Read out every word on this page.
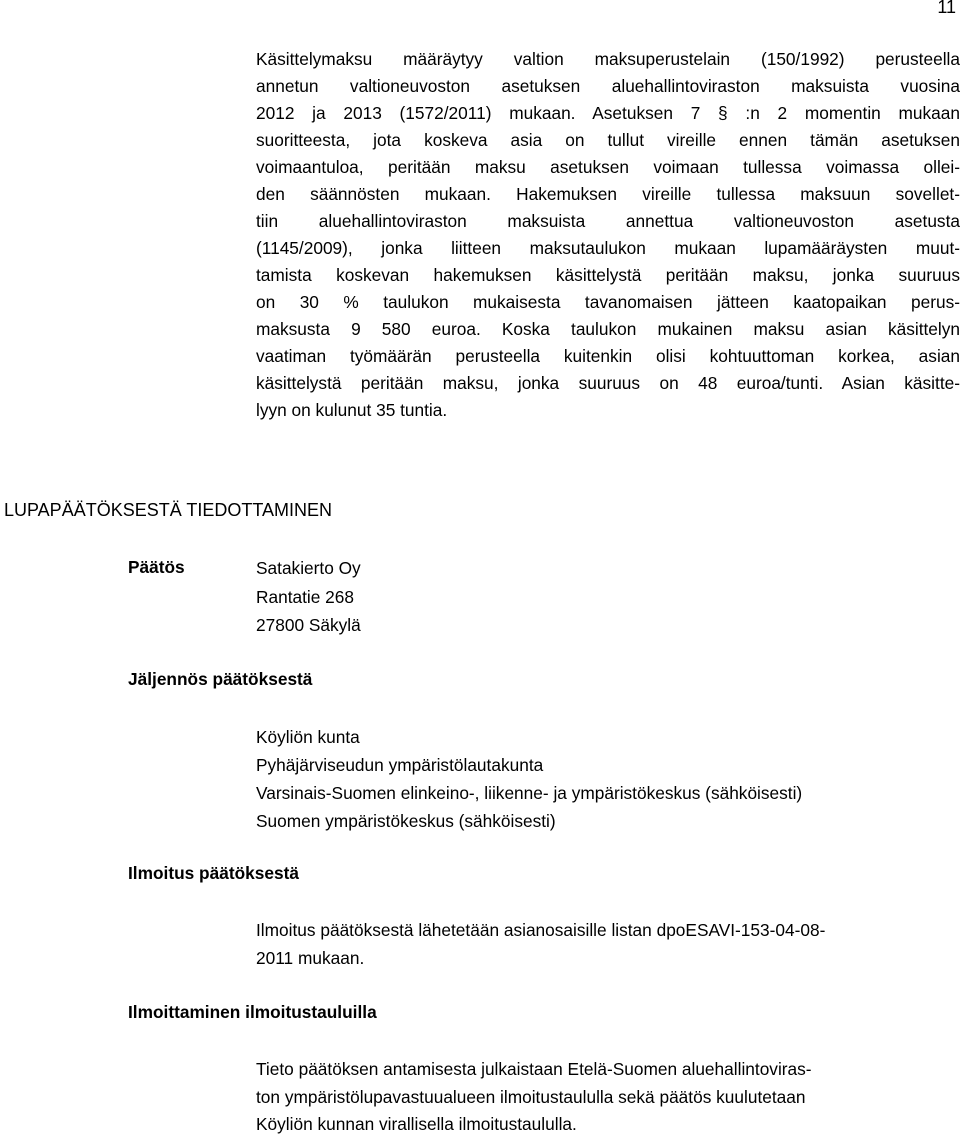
11
Käsittelymaksu määräytyy valtion maksuperustelain (150/1992) perusteella
annetun valtioneuvoston asetuksen aluehallintoviraston maksuista vuosina
2012 ja 2013 (1572/2011) mukaan. Asetuksen 7 § :n 2 momentin mukaan
suoritteesta, jota koskeva asia on tullut vireille ennen tämän asetuksen
voimaantuloa, peritään maksu asetuksen voimaan tullessa voimassa ollei-
den säännösten mukaan. Hakemuksen vireille tullessa maksuun sovellet-
tiin aluehallintoviraston maksuista annettua valtioneuvoston asetusta
(1145/2009), jonka liitteen maksutaulukon mukaan lupamääräysten muut-
tamista koskevan hakemuksen käsittelystä peritään maksu, jonka suuruus
on 30 % taulukon mukaisesta tavanomaisen jätteen kaatopaikan perus-
maksusta 9 580 euroa. Koska taulukon mukainen maksu asian käsittelyn
vaatiman työmäärän perusteella kuitenkin olisi kohtuuttoman korkea, asian
käsittelystä peritään maksu, jonka suuruus on 48 euroa/tunti. Asian käsitte-
lyyn on kulunut 35 tuntia.
LUPAPÄÄTÖKSESTÄ TIEDOTTAMINEN
Päätös	Satakierto Oy
Rantatie 268
27800 Säkylä
Jäljennös päätöksestä
Köyliön kunta
Pyhäjärviseudun ympäristölautakunta
Varsinais-Suomen elinkeino-, liikenne- ja ympäristökeskus (sähköisesti)
Suomen ympäristökeskus (sähköisesti)
Ilmoitus päätöksestä
Ilmoitus päätöksestä lähetetään asianosaisille listan dpoESAVI-153-04-08-
2011 mukaan.
Ilmoittaminen ilmoitustauluilla
Tieto päätöksen antamisesta julkaistaan Etelä-Suomen aluehallintoviras-
ton ympäristölupavastuualueen ilmoitustaululla sekä päätös kuulutetaan
Köyliön kunnan virallisella ilmoitustaululla.
